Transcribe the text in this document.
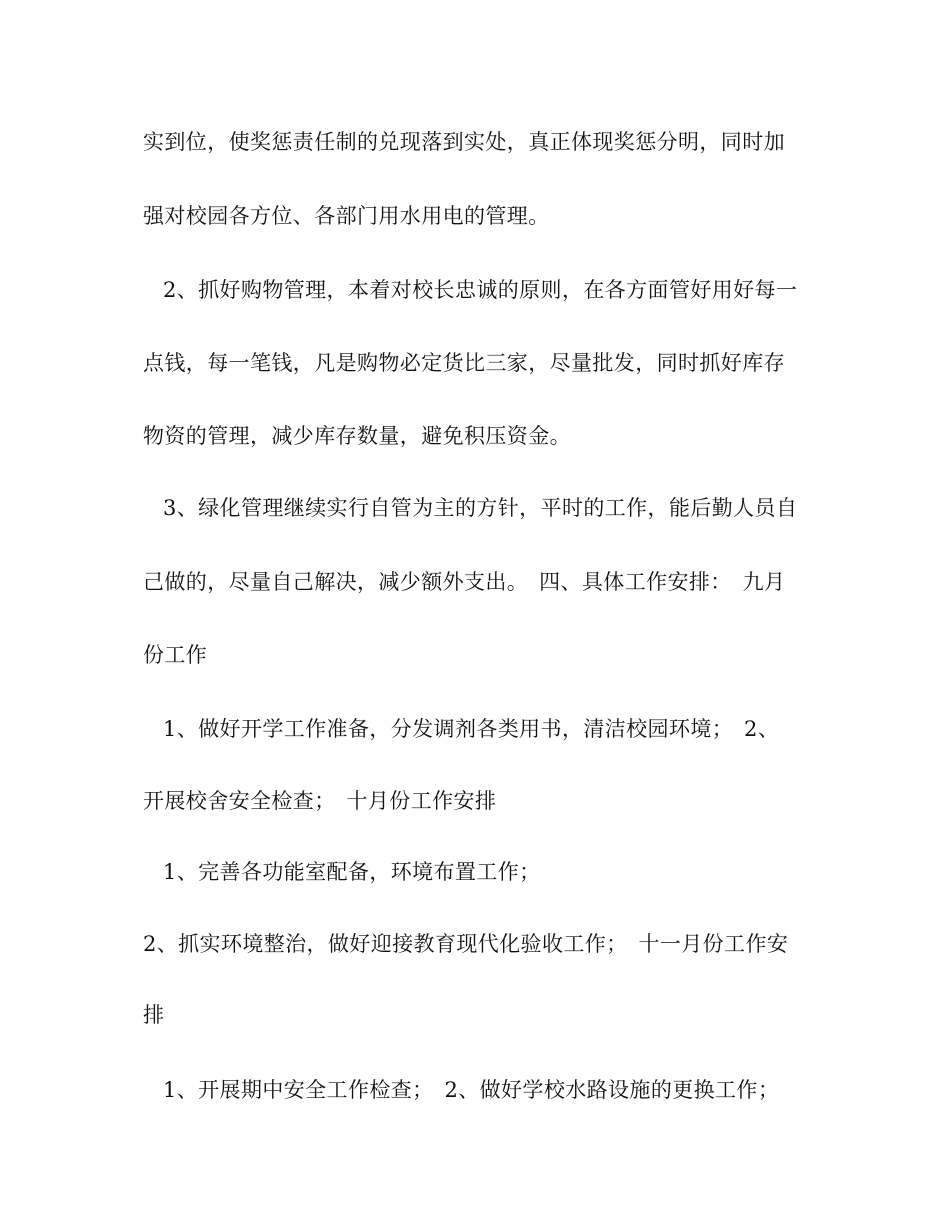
实到位，使奖惩责任制的兑现落到实处，真正体现奖惩分明，同时加
强对校园各方位、各部门用水用电的管理。
2、抓好购物管理，本着对校长忠诚的原则，在各方面管好用好每一
点钱，每一笔钱，凡是购物必定货比三家，尽量批发，同时抓好库存
物资的管理，减少库存数量，避免积压资金。
3、绿化管理继续实行自管为主的方针，平时的工作，能后勤人员自
己做的，尽量自己解决，减少额外支出。　四、具体工作安排：　九月
份工作
1、做好开学工作准备，分发调剂各类用书，清洁校园环境；　2、
开展校舍安全检查；　十月份工作安排
1、完善各功能室配备，环境布置工作；
2、抓实环境整治，做好迎接教育现代化验收工作；　十一月份工作安
排
1、开展期中安全工作检查；　2、做好学校水路设施的更换工作；
